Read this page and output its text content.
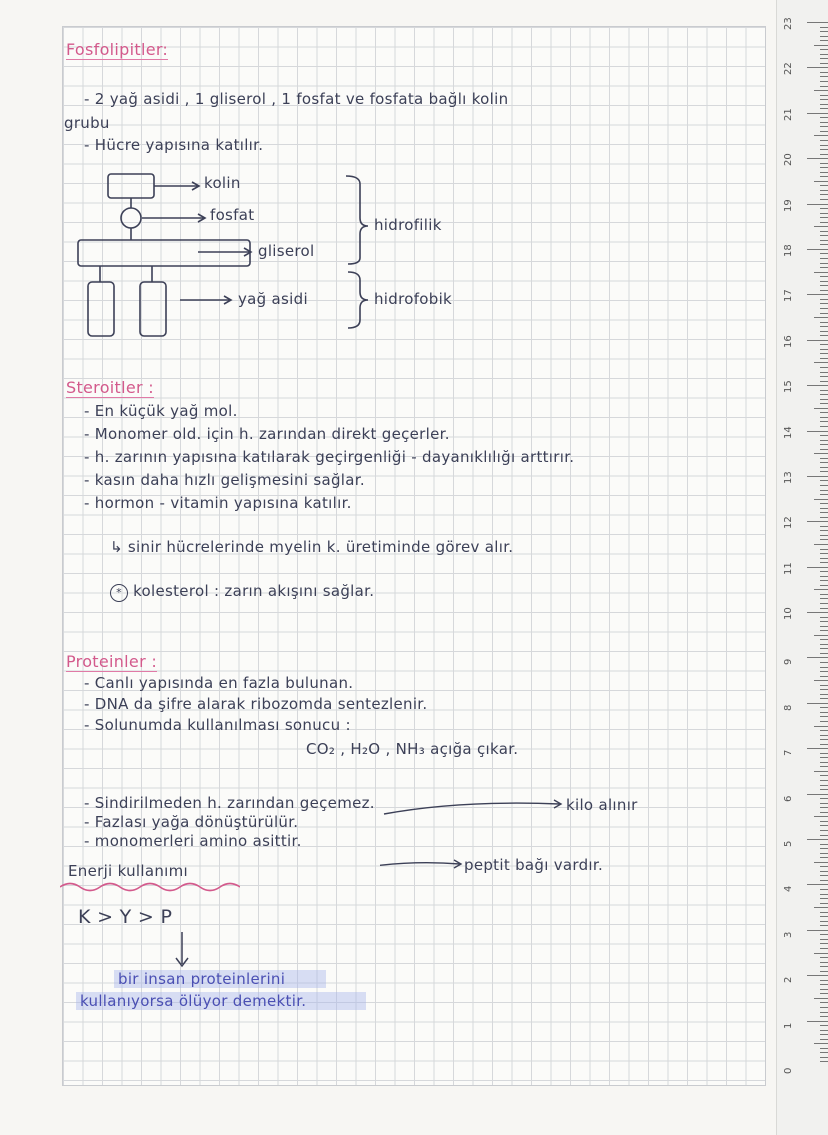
23
22
21
20
19
18
17
16
15
14
13
12
11
10
9
8
7
6
5
4
3
2
1
0
Fosfolipitler:
- 2 yağ asidi , 1 gliserol , 1 fosfat ve fosfata bağlı kolin
grubu
- Hücre yapısına katılır.
kolin
fosfat
gliserol
yağ asidi
hidrofilik
hidrofobik
Steroitler :
- En küçük yağ mol.
- Monomer old. için h. zarından direkt geçerler.
- h. zarının yapısına katılarak geçirgenliği - dayanıklılığı arttırır.
- kasın daha hızlı gelişmesini sağlar.
- hormon - vitamin yapısına katılır.
↳ sinir hücrelerinde myelin k. üretiminde görev alır.
* kolesterol : zarın akışını sağlar.
Proteinler :
- Canlı yapısında en fazla bulunan.
- DNA da şifre alarak ribozomda sentezlenir.
- Solunumda kullanılması sonucu :
CO₂ , H₂O , NH₃ açığa çıkar.
- Sindirilmeden h. zarından geçemez.
- Fazlası yağa dönüştürülür.
- monomerleri amino asittir.
kilo alınır
peptit bağı vardır.
Enerji kullanımı
K > Y > P
bir insan proteinlerini
kullanıyorsa ölüyor demektir.
